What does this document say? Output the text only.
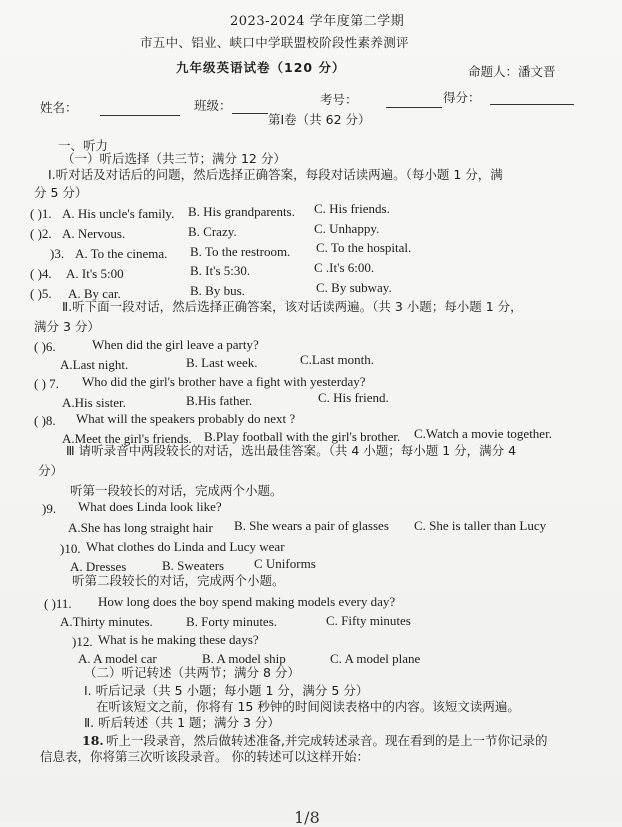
2023-2024 学年度第二学期
市五中、铝业、峡口中学联盟校阶段性素养测评
九年级英语试卷（120 分）	命题人：潘文晋
姓名：	班级：	考号：	得分：
第Ⅰ卷（共 62 分）
一、听力
（一）听后选择（共三节；满分 12 分）
Ⅰ.听对话及对话后的问题，然后选择正确答案，每段对话读两遍。（每小题 1 分，满
分 5 分）
( )1. A. His uncle's family. B. His grandparents. C. His friends.
( )2. A. Nervous.	B. Crazy.	C. Unhappy.
)3. A. To the cinema. B. To the restroom. C. To the hospital.
( )4. A. It's 5:00	B. It's 5:30.	C .It's 6:00.
( )5. A. By car.	B. By bus.	C. By subway.
Ⅱ.听下面一段对话，然后选择正确答案，该对话读两遍。（共 3 小题；每小题 1 分，
满分 3 分）
( )6.	When did the girl leave a party?
A.Last night.	B. Last week.	C.Last month.
( ) 7. Who did the girl's brother have a fight with yesterday?
A.His sister.	B.His father.	C. His friend.
( )8. What will the speakers probably do next ?
A.Meet the girl's friends. B.Play football with the girl's brother. C.Watch a movie together.
Ⅲ 请听录音中两段较长的对话，选出最佳答案。（共 4 小题；每小题 1 分，满分 4
分）
听第一段较长的对话，完成两个小题。
)9. What does Linda look like?
A.She has long straight hair B. She wears a pair of glasses C. She is taller than Lucy
)10. What clothes do Linda and Lucy wear
A. Dresses	B. Sweaters C Uniforms
听第二段较长的对话，完成两个小题。
( )11. How long does the boy spend making models every day?
A.Thirty minutes.	B. Forty minutes.	C. Fifty minutes
)12. What is he making these days?
A. A model car	B. A model ship	C. A model plane
（二）听记转述（共两节；满分 8 分）
Ⅰ. 听后记录（共 5 小题；每小题 1 分，满分 5 分）
在听该短文之前，你将有 15 秒钟的时间阅读表格中的内容。该短文读两遍。
Ⅱ. 听后转述（共 1 题；满分 3 分）
18. 听上一段录音，然后做转述准备,并完成转述录音。现在看到的是上一节你记录的
信息表，你将第三次听该段录音。 你的转述可以这样开始：
1/8
